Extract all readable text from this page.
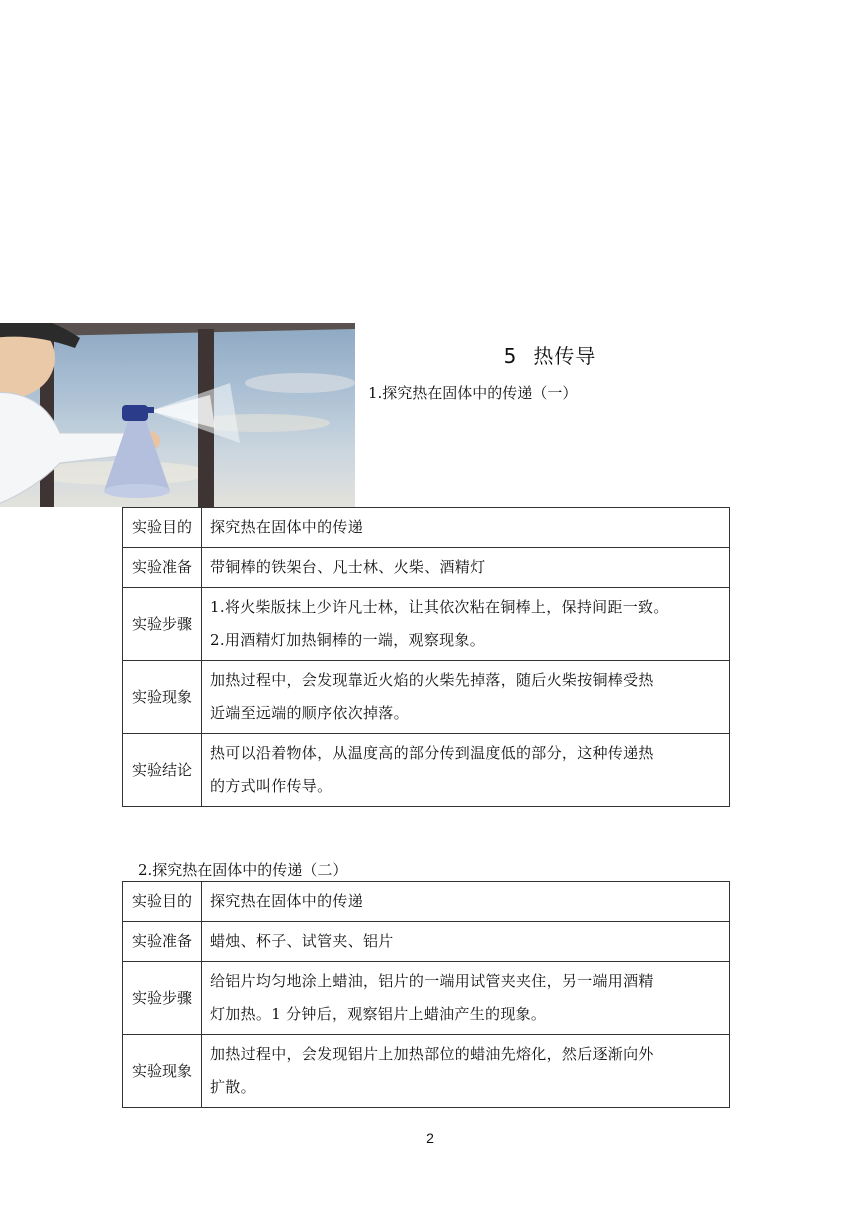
5 热传导
1.探究热在固体中的传递（一）
实验目的	探究热在固体中的传递
实验准备	带铜棒的铁架台、凡士林、火柴、酒精灯
实验步骤	1.将火柴版抹上少许凡士林，让其依次粘在铜棒上，保持间距一致。
2.用酒精灯加热铜棒的一端，观察现象。
实验现象	加热过程中，会发现靠近火焰的火柴先掉落，随后火柴按铜棒受热
近端至远端的顺序依次掉落。
实验结论	热可以沿着物体，从温度高的部分传到温度低的部分，这种传递热
的方式叫作传导。
2.探究热在固体中的传递（二）
实验目的	探究热在固体中的传递
实验准备	蜡烛、杯子、试管夹、铝片
实验步骤	给铝片均匀地涂上蜡油，铝片的一端用试管夹夹住，另一端用酒精
灯加热。1 分钟后，观察铝片上蜡油产生的现象。
实验现象	加热过程中，会发现铝片上加热部位的蜡油先熔化，然后逐渐向外
扩散。
2
